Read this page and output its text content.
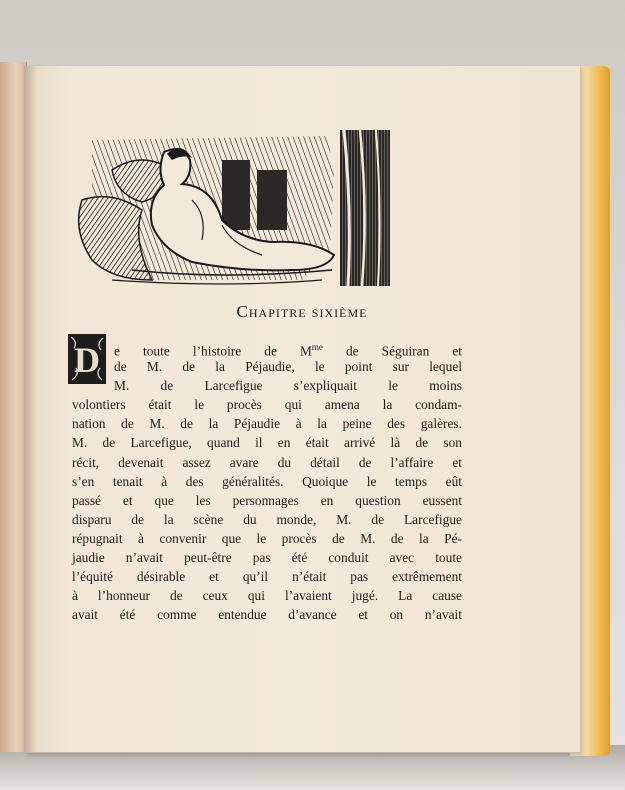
Chapitre sixième
D	e toute l’histoire de $M^{me}$ de Séguiran et
de M. de la Péjaudie, le point sur lequel
M. de Larcefigue s’expliquait le moins
volontiers était le procès qui amena la condam-
nation de M. de la Péjaudie à la peine des galères.
M. de Larcefigue, quand il en était arrivé là de son
récit, devenait assez avare du détail de l’affaire et
s’en tenait à des généralités. Quoique le temps eût
passé et que les personnages en question eussent
disparu de la scène du monde, M. de Larcefigue
répugnait à convenir que le procès de M. de la Pé-
jaudie n’avait peut-être pas été conduit avec toute
l’équité désirable et qu’il n’était pas extrêmement
à l’honneur de ceux qui l’avaient jugé. La cause
avait été comme entendue d’avance et on n’avait
